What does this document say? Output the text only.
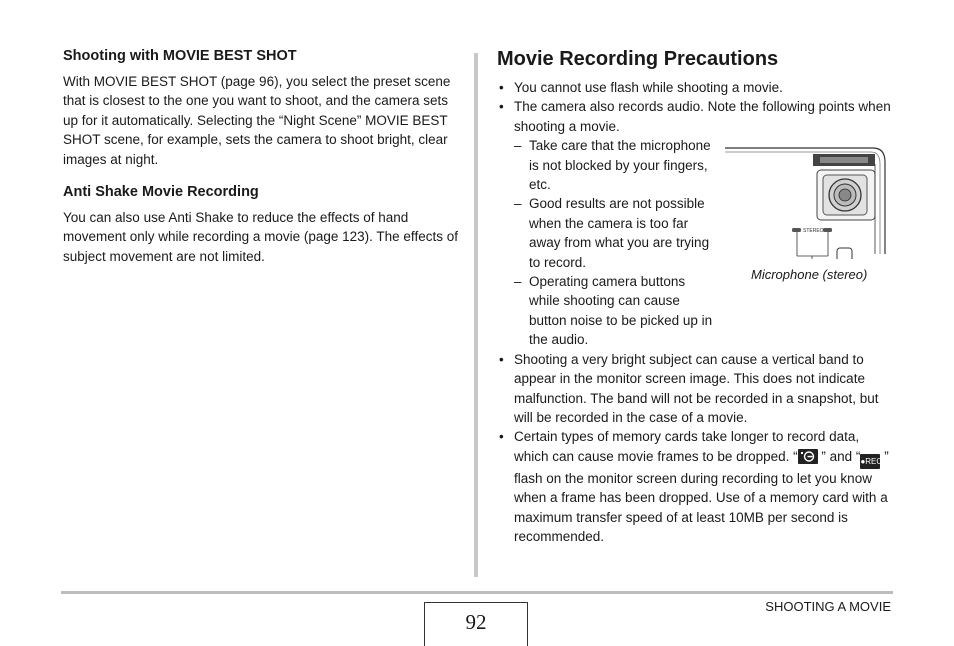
Shooting with MOVIE BEST SHOT

With MOVIE BEST SHOT (page 96), you select the preset scene that is closest to the one you want to shoot, and the camera sets up for it automatically. Selecting the “Night Scene” MOVIE BEST SHOT scene, for example, sets the camera to shoot bright, clear images at night.

Anti Shake Movie Recording

You can also use Anti Shake to reduce the effects of hand movement only while recording a movie (page 123). The effects of subject movement are not limited.

Movie Recording Precautions
• You cannot use flash while shooting a movie.
• The camera also records audio. Note the following points when shooting a movie.
– Take care that the microphone is not blocked by your fingers, etc.
– Good results are not possible when the camera is too far away from what you are trying to record.
– Operating camera buttons while shooting can cause button noise to be picked up in the audio.
• Shooting a very bright subject can cause a vertical band to appear in the monitor screen image. This does not indicate malfunction. The band will not be recorded in a snapshot, but will be recorded in the case of a movie.
• Certain types of memory cards take longer to record data, which can cause movie frames to be dropped. “ ” and “●REC ” flash on the monitor screen during recording to let you know when a frame has been dropped. Use of a memory card with a maximum transfer speed of at least 10MB per second is recommended.
STEREO
Microphone (stereo)
92
SHOOTING A MOVIE
